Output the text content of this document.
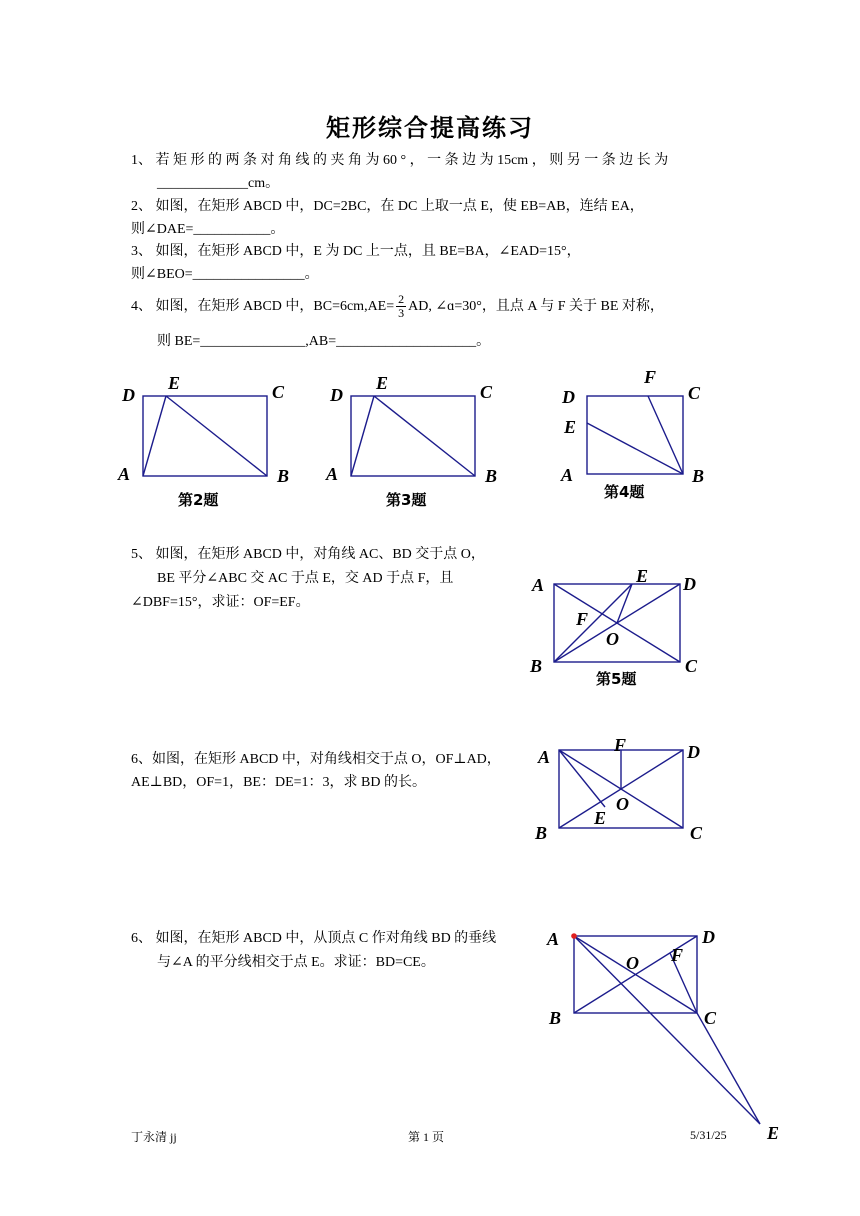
矩形综合提高练习
1、 若 矩 形 的 两 条 对 角 线 的 夹 角 为 60 ° ， 一 条 边 为 15cm ， 则 另 一 条 边 长 为
_____________cm。
2、 如图，在矩形 ABCD 中，DC=2BC，在 DC 上取一点 E，使 EB=AB，连结 EA，
则∠DAE=___________。
3、 如图，在矩形 ABCD 中，E 为 DC 上一点，且 BE=BA，∠EAD=15°，
则∠BEO=________________。
4、 如图，在矩形 ABCD 中，$BC=6cm,AE= \frac{2}{3}$ AD, ∠ɑ=30°，且点 A 与 F 关于 BE 对称，
则 BE=_______________,AB=____________________。
D
E	C
A	B
第2题
D
E	C
A	B
第3题
F
D	C
E
A	B
第4题
5、 如图，在矩形 ABCD 中，对角线 AC、BD 交于点 O，
BE 平分∠ABC 交 AC 于点 E，交 AD 于点 F，且
∠DBF=15°，求证：OF=EF。
A	E D
F
O
B	C
第5题
6、如图，在矩形 ABCD 中，对角线相交于点 O，OF⊥AD，
AE⊥BD，OF=1，BE：DE=1：3，求 BD 的长。
A
F	D
O
E
B	C
6、 如图，在矩形 ABCD 中，从顶点 C 作对角线 BD 的垂线
与∠A 的平分线相交于点 E。求证：BD=CE。
A	D
O F
B	C
E
丁永清 jj	第 1 页	5/31/25
